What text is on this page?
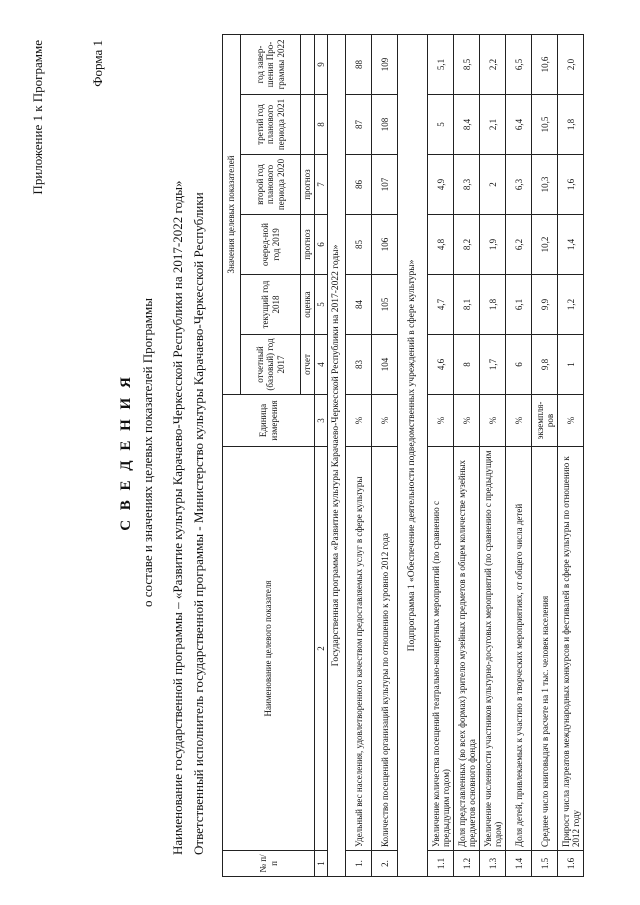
Приложение 1 к Программе	Форма 1
С В Е Д Е Н И Я о составе и значениях целевых показателей Программы Наименование государственной программы – «Развитие культуры Карачаево-Черкесской Республики на 2017-2022 годы» Ответственный исполнитель государственной программы - Министерство культуры Карачаево-Черкесской Республики
№ п/п	Наименование целевого показателя	Единица измерения	Значения целевых показателей					
			отчетный (базовый) год 2017	текущий год 2018	очеред-ной год 2019	второй год планового периода 2020	третий год планового периода 2021	год завер-шения Про-граммы 2022
			отчет	оценка	прогноз	прогноз		
1	2	3	4	5	6	7	8	9
Государственная программа «Развитие культуры Карачаево-Черкесской Республики на 2017-2022 годы»								
1.	Удельный вес населения, удовлетворенного качеством предоставляемых услуг в сфере культуры	%	83	84	85	86	87	88
2.	Количество посещений организаций культуры по отношению к уровню 2012 года	%	104	105	106	107	108	109
Подпрограмма 1 «Обеспечение деятельности подведомственных учреждений в сфере культуры»								
1.1	Увеличение количества посещений театрально-концертных мероприятий (по сравнению с предыдущим годом)	%	4,6	4,7	4,8	4,9	5	5,1
1.2	Доля представленных (во всех формах) зрителю музейных предметов в общем количестве музейных предметов основного фонда	%	8	8,1	8,2	8,3	8,4	8,5
1.3	Увеличение численности участников культурно-досуговых мероприятий (по сравнению с предыдущим годом)	%	1,7	1,8	1,9	2	2,1	2,2
1.4	Доля детей, привлекаемых к участию в творческих мероприятиях, от общего числа детей	%	6	6,1	6,2	6,3	6,4	6,5
1.5	Среднее число книговыдач в расчете на 1 тыс. человек населения	экземпля-ров	9,8	9,9	10,2	10,3	10,5	10,6
1.6	Прирост числа лауреатов международных конкурсов и фестивалей в сфере культуры по отношению к 2012 году	%	1	1,2	1,4	1,6	1,8	2,0
